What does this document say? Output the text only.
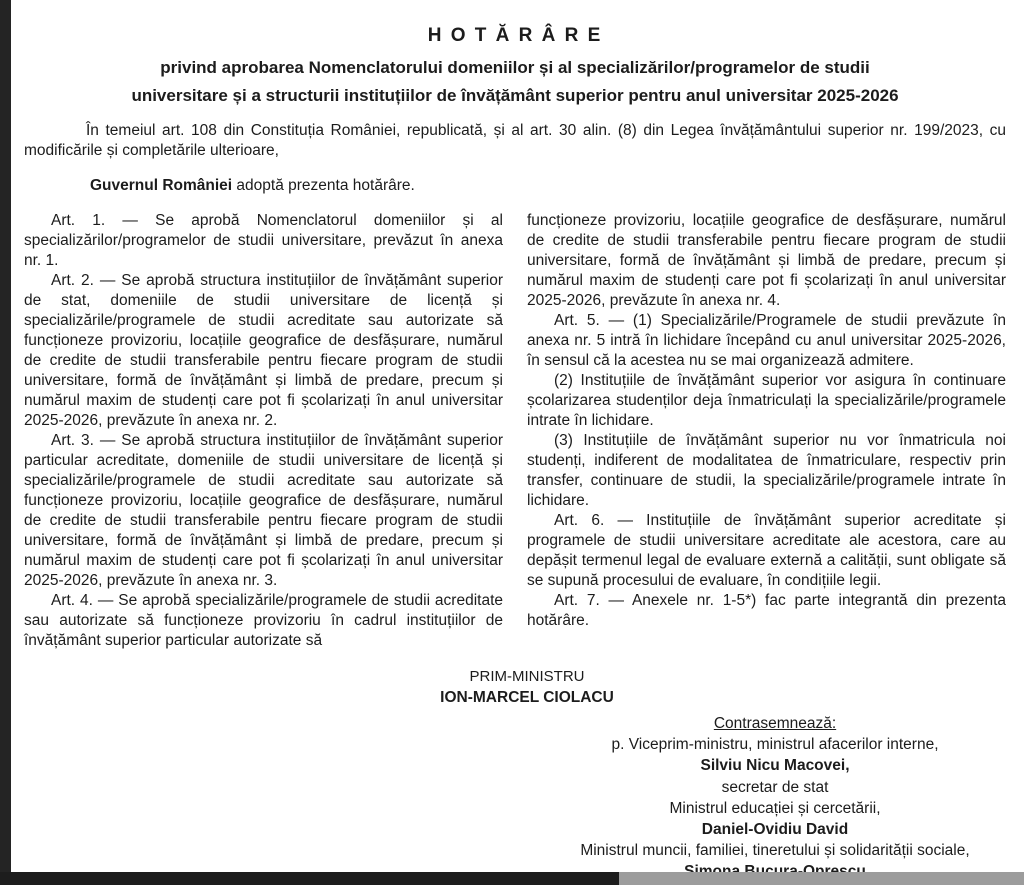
H O T Ă R Â R E
privind aprobarea Nomenclatorului domeniilor și al specializărilor/programelor de studii
universitare și a structurii instituțiilor de învățământ superior pentru anul universitar 2025-2026

În temeiul art. 108 din Constituția României, republicată, și al art. 30 alin. (8) din Legea învățământului superior nr. 199/2023, cu modificările și completările ulterioare,

Guvernul României adoptă prezenta hotărâre.

Art. 1. — Se aprobă Nomenclatorul domeniilor și al specializărilor/programelor de studii universitare, prevăzut în anexa nr. 1.

Art. 2. — Se aprobă structura instituțiilor de învățământ superior de stat, domeniile de studii universitare de licență și specializările/programele de studii acreditate sau autorizate să funcționeze provizoriu, locațiile geografice de desfășurare, numărul de credite de studii transferabile pentru fiecare program de studii universitare, formă de învățământ și limbă de predare, precum și numărul maxim de studenți care pot fi școlarizați în anul universitar 2025-2026, prevăzute în anexa nr. 2.

Art. 3. — Se aprobă structura instituțiilor de învățământ superior particular acreditate, domeniile de studii universitare de licență și specializările/programele de studii acreditate sau autorizate să funcționeze provizoriu, locațiile geografice de desfășurare, numărul de credite de studii transferabile pentru fiecare program de studii universitare, formă de învățământ și limbă de predare, precum și numărul maxim de studenți care pot fi școlarizați în anul universitar 2025-2026, prevăzute în anexa nr. 3.

Art. 4. — Se aprobă specializările/programele de studii acreditate sau autorizate să funcționeze provizoriu în cadrul instituțiilor de învățământ superior particular autorizate să

funcționeze provizoriu, locațiile geografice de desfășurare, numărul de credite de studii transferabile pentru fiecare program de studii universitare, formă de învățământ și limbă de predare, precum și numărul maxim de studenți care pot fi școlarizați în anul universitar 2025-2026, prevăzute în anexa nr. 4.

Art. 5. — (1) Specializările/Programele de studii prevăzute în anexa nr. 5 intră în lichidare începând cu anul universitar 2025-2026, în sensul că la acestea nu se mai organizează admitere.

(2) Instituțiile de învățământ superior vor asigura în continuare școlarizarea studenților deja înmatriculați la specializările/programele intrate în lichidare.

(3) Instituțiile de învățământ superior nu vor înmatricula noi studenți, indiferent de modalitatea de înmatriculare, respectiv prin transfer, continuare de studii, la specializările/programele intrate în lichidare.

Art. 6. — Instituțiile de învățământ superior acreditate și programele de studii universitare acreditate ale acestora, care au depășit termenul legal de evaluare externă a calității, sunt obligate să se supună procesului de evaluare, în condițiile legii.

Art. 7. — Anexele nr. 1-5*) fac parte integrantă din prezenta hotărâre.

PRIM-MINISTRU
ION-MARCEL CIOLACU
Contrasemnează:
p. Viceprim-ministru, ministrul afacerilor interne,
Silviu Nicu Macovei,
secretar de stat
Ministrul educației și cercetării,
Daniel-Ovidiu David
Ministrul muncii, familiei, tineretului și solidarității sociale,
